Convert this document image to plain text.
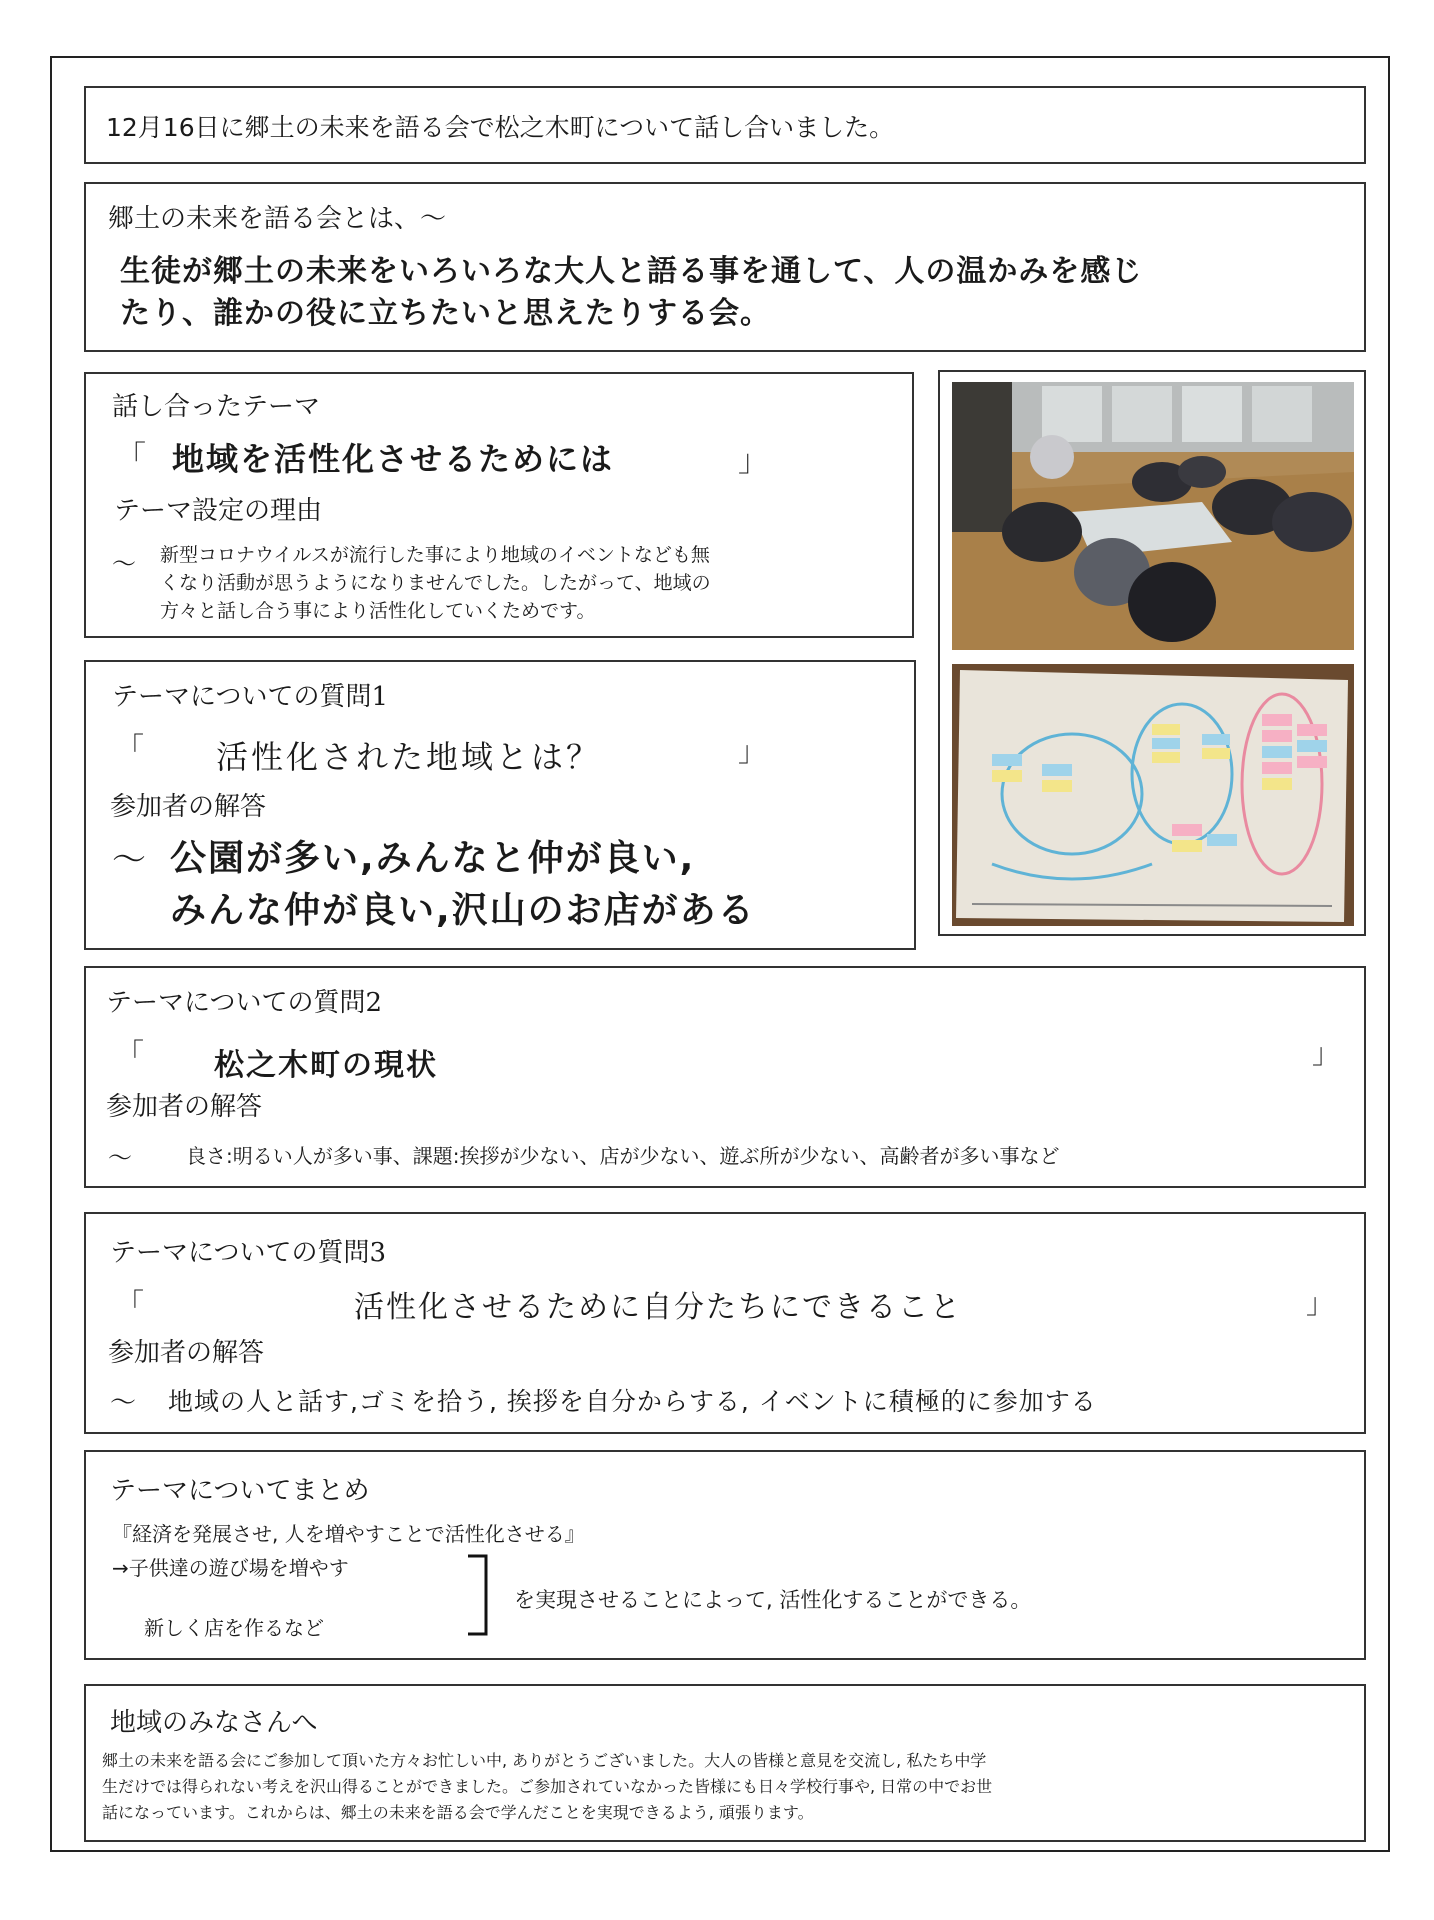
12月16日に郷土の未来を語る会で松之木町について話し合いました。
郷土の未来を語る会とは、～
生徒が郷土の未来をいろいろな大人と語る事を通して、人の温かみを感じ
たり、誰かの役に立ちたいと思えたりする会。
話し合ったテーマ
「 地域を活性化させるためには	」
テーマ設定の理由
～ 新型コロナウイルスが流行した事により地域のイベントなども無
くなり活動が思うようになりませんでした。したがって、地域の
方々と話し合う事により活性化していくためです。
テーマについての質問1
「 活性化された地域とは？	」
参加者の解答
～ 公園が多い,みんなと仲が良い,
みんな仲が良い,沢山のお店がある
テーマについての質問2
「 松之木町の現状	」
参加者の解答
～	良さ:明るい人が多い事、課題:挨拶が少ない、店が少ない、遊ぶ所が少ない、高齢者が多い事など
テーマについての質問3
「	活性化させるために自分たちにできること	」
参加者の解答
～ 地域の人と話す,ゴミを拾う, 挨拶を自分からする, イベントに積極的に参加する
テーマについてまとめ
『経済を発展させ, 人を増やすことで活性化させる』
→子供達の遊び場を増やす
新しく店を作るなど
を実現させることによって, 活性化することができる。
地域のみなさんへ
郷土の未来を語る会にご参加して頂いた方々お忙しい中, ありがとうございました。大人の皆様と意見を交流し, 私たち中学
生だけでは得られない考えを沢山得ることができました。ご参加されていなかった皆様にも日々学校行事や, 日常の中でお世
話になっています。これからは、郷土の未来を語る会で学んだことを実現できるよう, 頑張ります。
